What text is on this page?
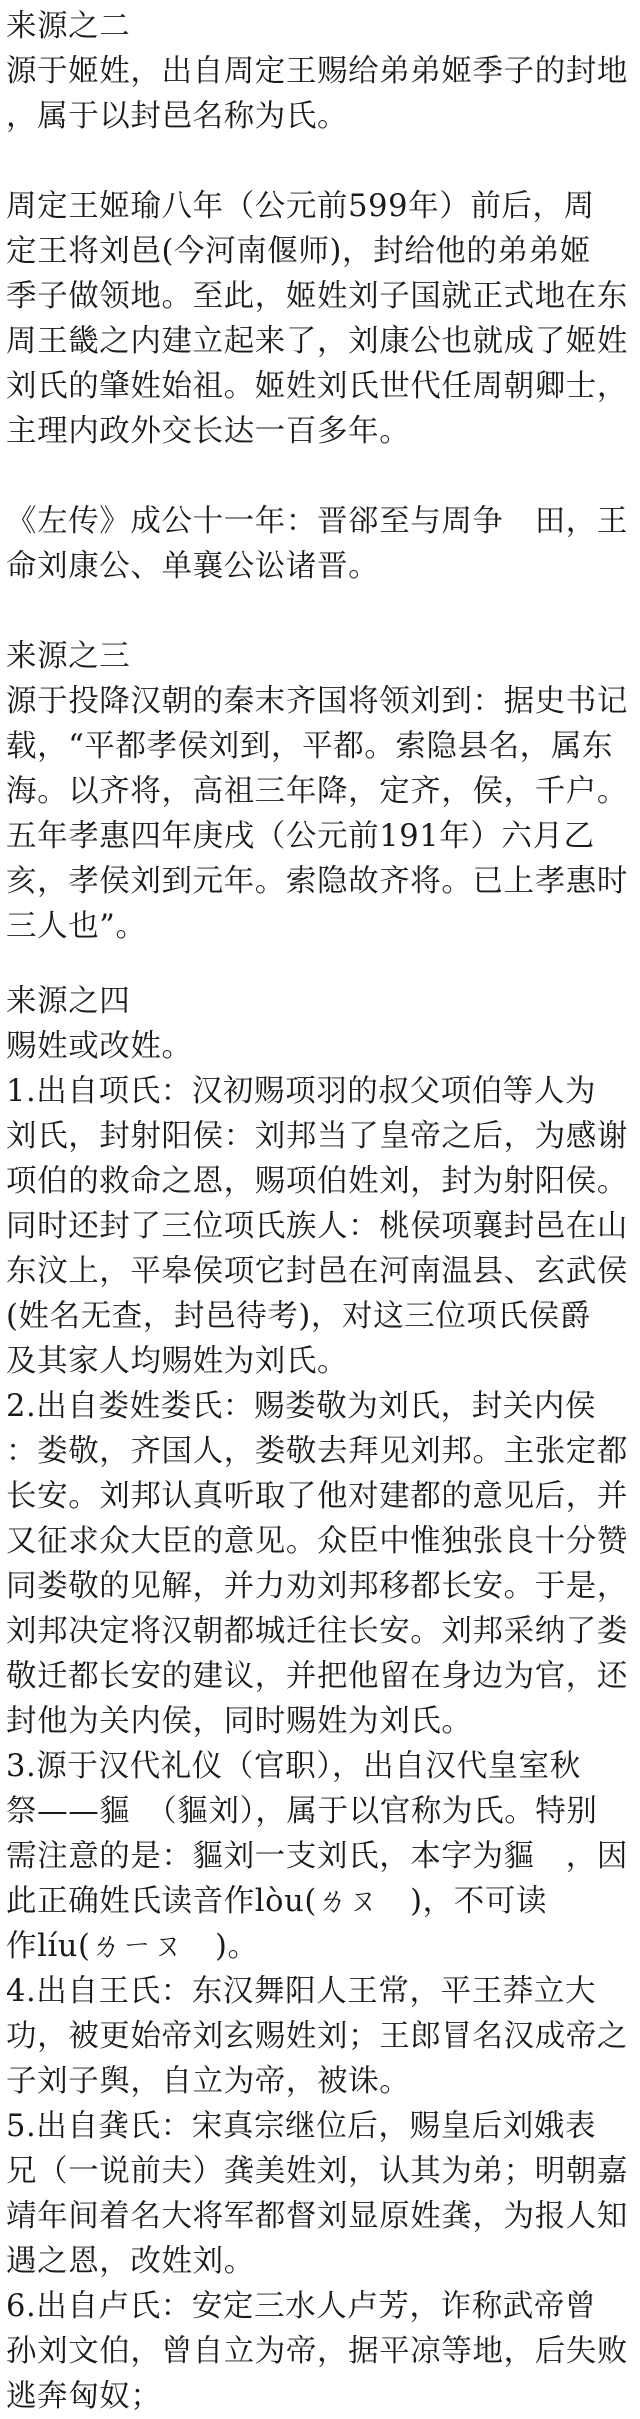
来源之二
源于姬姓，出自周定王赐给弟弟姬季子的封地
，属于以封邑名称为氏。
周定王姬瑜八年（公元前599年）前后，周
定王将刘邑(今河南偃师)，封给他的弟弟姬
季子做领地。至此，姬姓刘子国就正式地在东
周王畿之内建立起来了，刘康公也就成了姬姓
刘氏的肇姓始祖。姬姓刘氏世代任周朝卿士，
主理内政外交长达一百多年。
《左传》成公十一年：晋郤至与周争　田，王
命刘康公、单襄公讼诸晋。
来源之三
源于投降汉朝的秦末齐国将领刘到：据史书记
载，“平都孝侯刘到，平都。索隐县名，属东
海。以齐将，高祖三年降，定齐，侯，千户。
五年孝惠四年庚戌（公元前191年）六月乙
亥，孝侯刘到元年。索隐故齐将。已上孝惠时
三人也”。
来源之四
赐姓或改姓。
1.出自项氏：汉初赐项羽的叔父项伯等人为
刘氏，封射阳侯：刘邦当了皇帝之后，为感谢
项伯的救命之恩，赐项伯姓刘，封为射阳侯。
同时还封了三位项氏族人：桃侯项襄封邑在山
东汶上，平皋侯项它封邑在河南温县、玄武侯
(姓名无查，封邑待考)，对这三位项氏侯爵
及其家人均赐姓为刘氏。
2.出自娄姓娄氏：赐娄敬为刘氏，封关内侯
：娄敬，齐国人，娄敬去拜见刘邦。主张定都
长安。刘邦认真听取了他对建都的意见后，并
又征求众大臣的意见。众臣中惟独张良十分赞
同娄敬的见解，并力劝刘邦移都长安。于是，
刘邦决定将汉朝都城迁往长安。刘邦采纳了娄
敬迁都长安的建议，并把他留在身边为官，还
封他为关内侯，同时赐姓为刘氏。
3.源于汉代礼仪（官职），出自汉代皇室秋
祭——貙　（貙刘），属于以官称为氏。特别
需注意的是：貙刘一支刘氏，本字为貙　，因
此正确姓氏读音作lòu(ㄌㄡ　)，不可读
作líu(ㄌㄧㄡ　)。
4.出自王氏：东汉舞阳人王常，平王莽立大
功，被更始帝刘玄赐姓刘；王郎冒名汉成帝之
子刘子舆，自立为帝，被诛。
5.出自龚氏：宋真宗继位后，赐皇后刘娥表
兄（一说前夫）龚美姓刘，认其为弟；明朝嘉
靖年间着名大将军都督刘显原姓龚，为报人知
遇之恩，改姓刘。
6.出自卢氏：安定三水人卢芳，诈称武帝曾
孙刘文伯，曾自立为帝，据平凉等地，后失败
逃奔匈奴；
